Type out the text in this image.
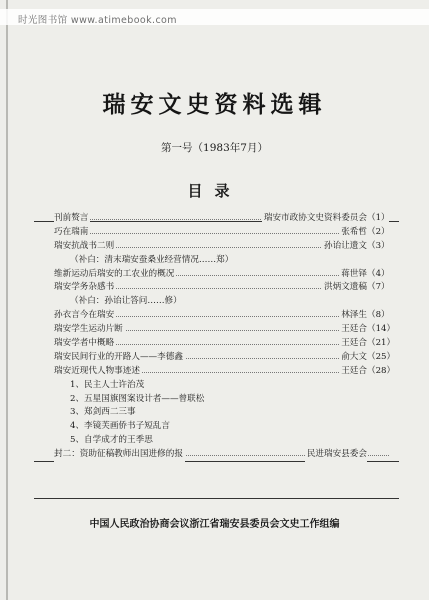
时光图书馆 www.atimebook.com
瑞安文史资料选辑
第一号（1983年7月）
目录
刊前赘言	瑞安市政协文史资料委员会 （1）
巧在瑞南	张希哲 （2）
瑞安抗战书二则	孙诒让遗文 （3）
（补白：清末瑞安蚕桑业经营情况……郑）
维新运动后瑞安的工农业的概况	蒋世铎 （4）
瑞安学务杂感书	洪炳文遗稿 （7）
（补白：孙诒让答问……修）
孙衣言今在瑞安	林泽生 （8）
瑞安学生运动片断	王廷合 （14）
瑞安学者中概略	王廷合 （21）
瑞安民间行业的开路人——李德鑫	俞大文 （25）
瑞安近现代人物事迹述	王廷合 （28）
1、民主人士许治茂
2、五星国旗图案设计者——曾联松
3、郑剑西二三事
4、李镜芙画侨书子短乱言
5、自学成才的王季思
封二：资助征稿教师出国进修的报	民进瑞安县委会
中国人民政治协商会议浙江省瑞安县委员会文史工作组编
